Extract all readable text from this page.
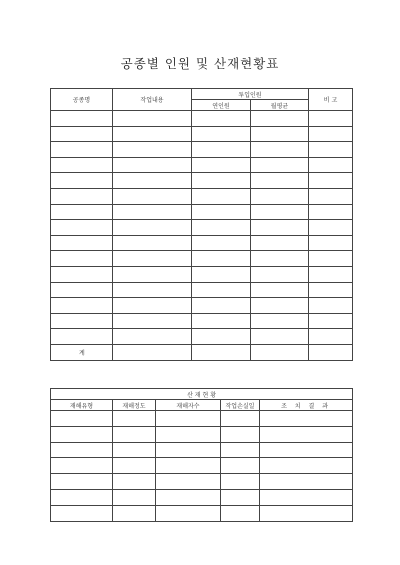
공종별 인원 및 산재현황표
공종명	작업내용	투입인원		비 고
		연인원	월평균	

계				
산 재 현 황				
재해유형	재해정도	재해자수	작업손실일	조 치 결 과
